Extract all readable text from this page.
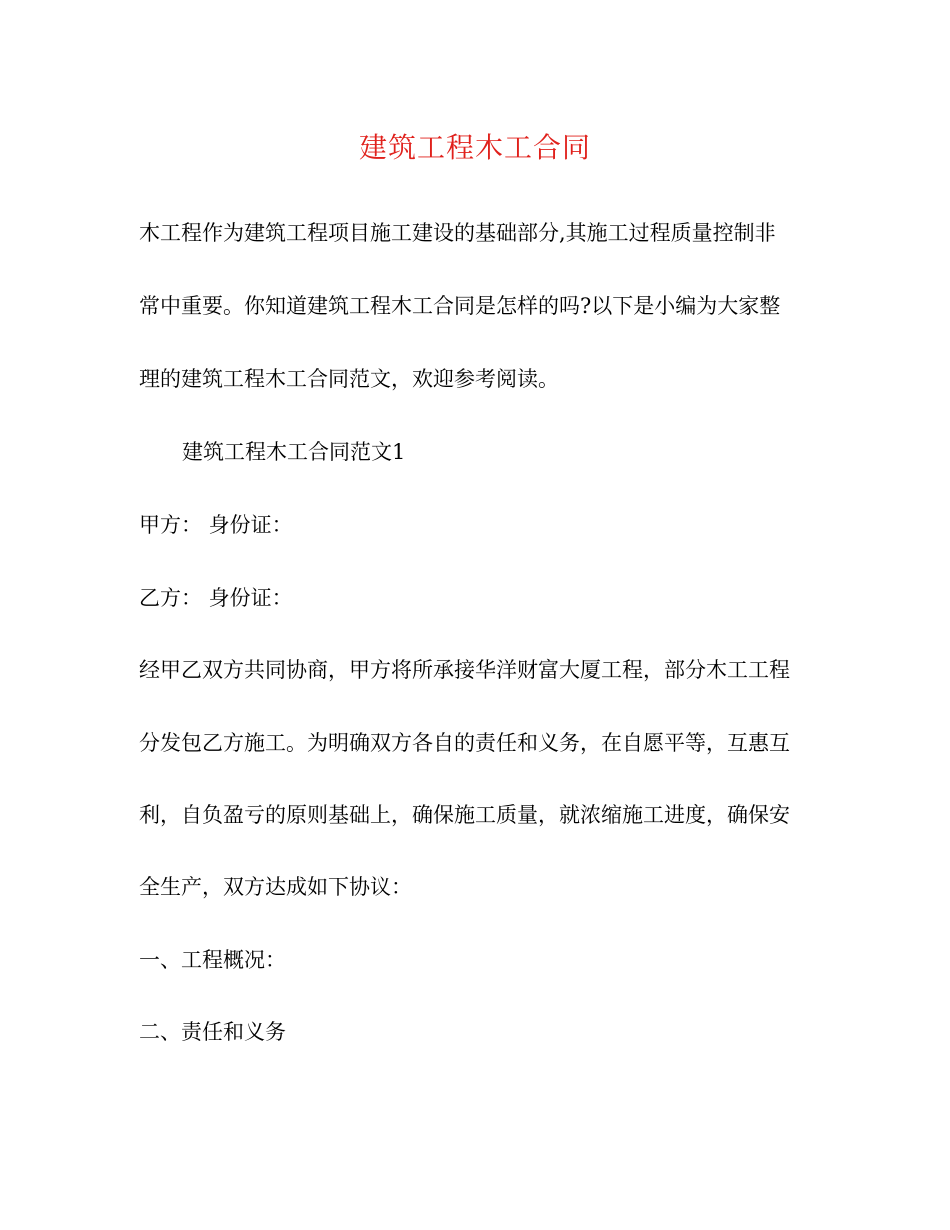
建筑工程木工合同
木工程作为建筑工程项目施工建设的基础部分,其施工过程质量控制非
常中重要。你知道建筑工程木工合同是怎样的吗?以下是小编为大家整
理的建筑工程木工合同范文，欢迎参考阅读。
建筑工程木工合同范文1
甲方： 身份证：
乙方： 身份证：
经甲乙双方共同协商，甲方将所承接华洋财富大厦工程，部分木工工程
分发包乙方施工。为明确双方各自的责任和义务，在自愿平等，互惠互
利，自负盈亏的原则基础上，确保施工质量，就浓缩施工进度，确保安
全生产，双方达成如下协议：
一、工程概况：
二、责任和义务
